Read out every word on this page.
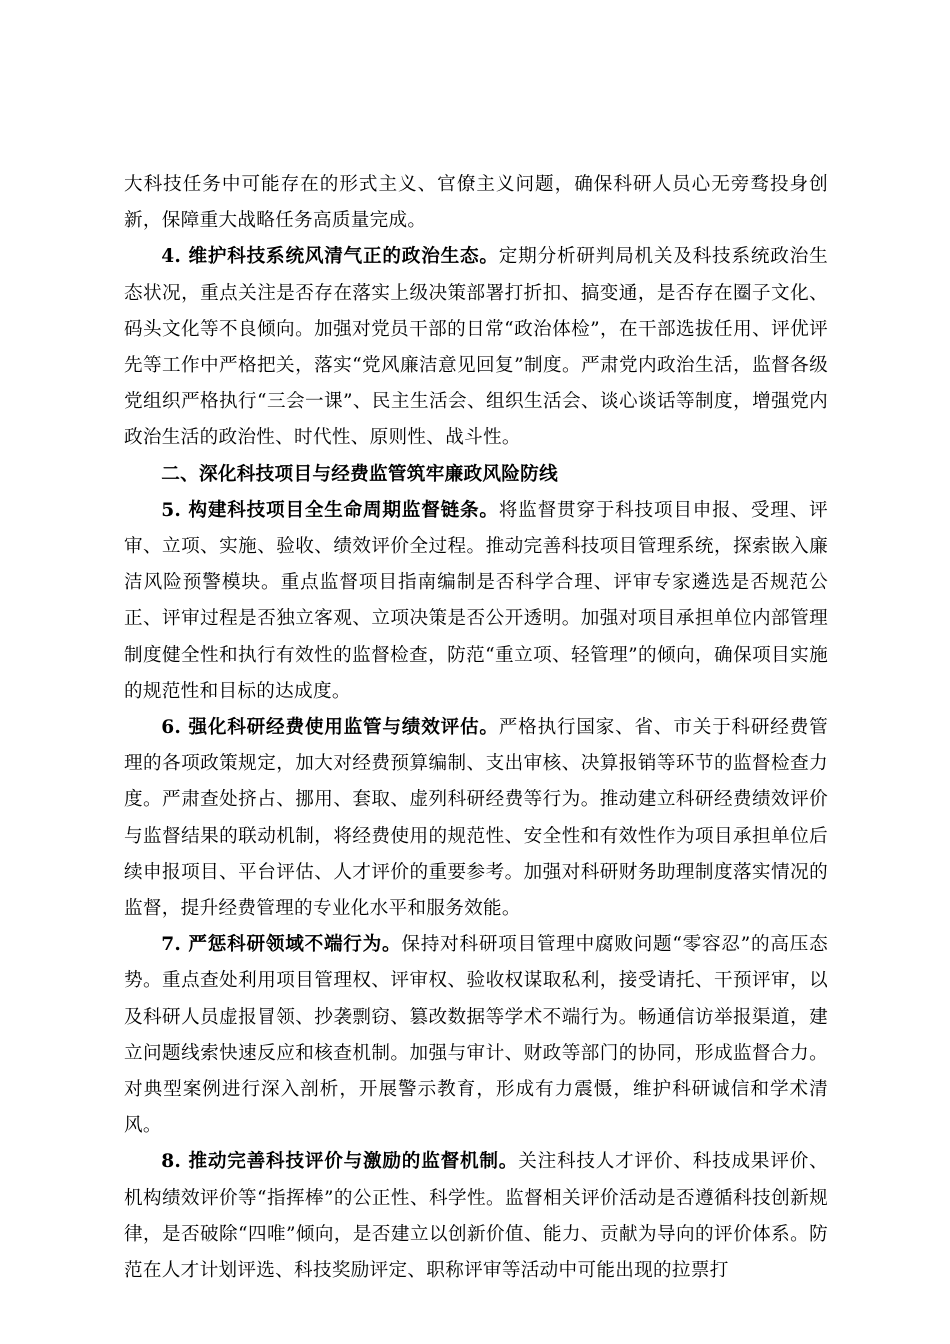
大科技任务中可能存在的形式主义、官僚主义问题，确保科研人员心无旁骛投身创新，保障重大战略任务高质量完成。

4. 维护科技系统风清气正的政治生态。定期分析研判局机关及科技系统政治生态状况，重点关注是否存在落实上级决策部署打折扣、搞变通，是否存在圈子文化、码头文化等不良倾向。加强对党员干部的日常“政治体检”，在干部选拔任用、评优评先等工作中严格把关，落实“党风廉洁意见回复”制度。严肃党内政治生活，监督各级党组织严格执行“三会一课”、民主生活会、组织生活会、谈心谈话等制度，增强党内政治生活的政治性、时代性、原则性、战斗性。

二、深化科技项目与经费监管筑牢廉政风险防线

5. 构建科技项目全生命周期监督链条。将监督贯穿于科技项目申报、受理、评审、立项、实施、验收、绩效评价全过程。推动完善科技项目管理系统，探索嵌入廉洁风险预警模块。重点监督项目指南编制是否科学合理、评审专家遴选是否规范公正、评审过程是否独立客观、立项决策是否公开透明。加强对项目承担单位内部管理制度健全性和执行有效性的监督检查，防范“重立项、轻管理”的倾向，确保项目实施的规范性和目标的达成度。

6. 强化科研经费使用监管与绩效评估。严格执行国家、省、市关于科研经费管理的各项政策规定，加大对经费预算编制、支出审核、决算报销等环节的监督检查力度。严肃查处挤占、挪用、套取、虚列科研经费等行为。推动建立科研经费绩效评价与监督结果的联动机制，将经费使用的规范性、安全性和有效性作为项目承担单位后续申报项目、平台评估、人才评价的重要参考。加强对科研财务助理制度落实情况的监督，提升经费管理的专业化水平和服务效能。

7. 严惩科研领域不端行为。保持对科研项目管理中腐败问题“零容忍”的高压态势。重点查处利用项目管理权、评审权、验收权谋取私利，接受请托、干预评审，以及科研人员虚报冒领、抄袭剽窃、篡改数据等学术不端行为。畅通信访举报渠道，建立问题线索快速反应和核查机制。加强与审计、财政等部门的协同，形成监督合力。对典型案例进行深入剖析，开展警示教育，形成有力震慑，维护科研诚信和学术清风。

8. 推动完善科技评价与激励的监督机制。关注科技人才评价、科技成果评价、机构绩效评价等“指挥棒”的公正性、科学性。监督相关评价活动是否遵循科技创新规律，是否破除“四唯”倾向，是否建立以创新价值、能力、贡献为导向的评价体系。防范在人才计划评选、科技奖励评定、职称评审等活动中可能出现的拉票打
